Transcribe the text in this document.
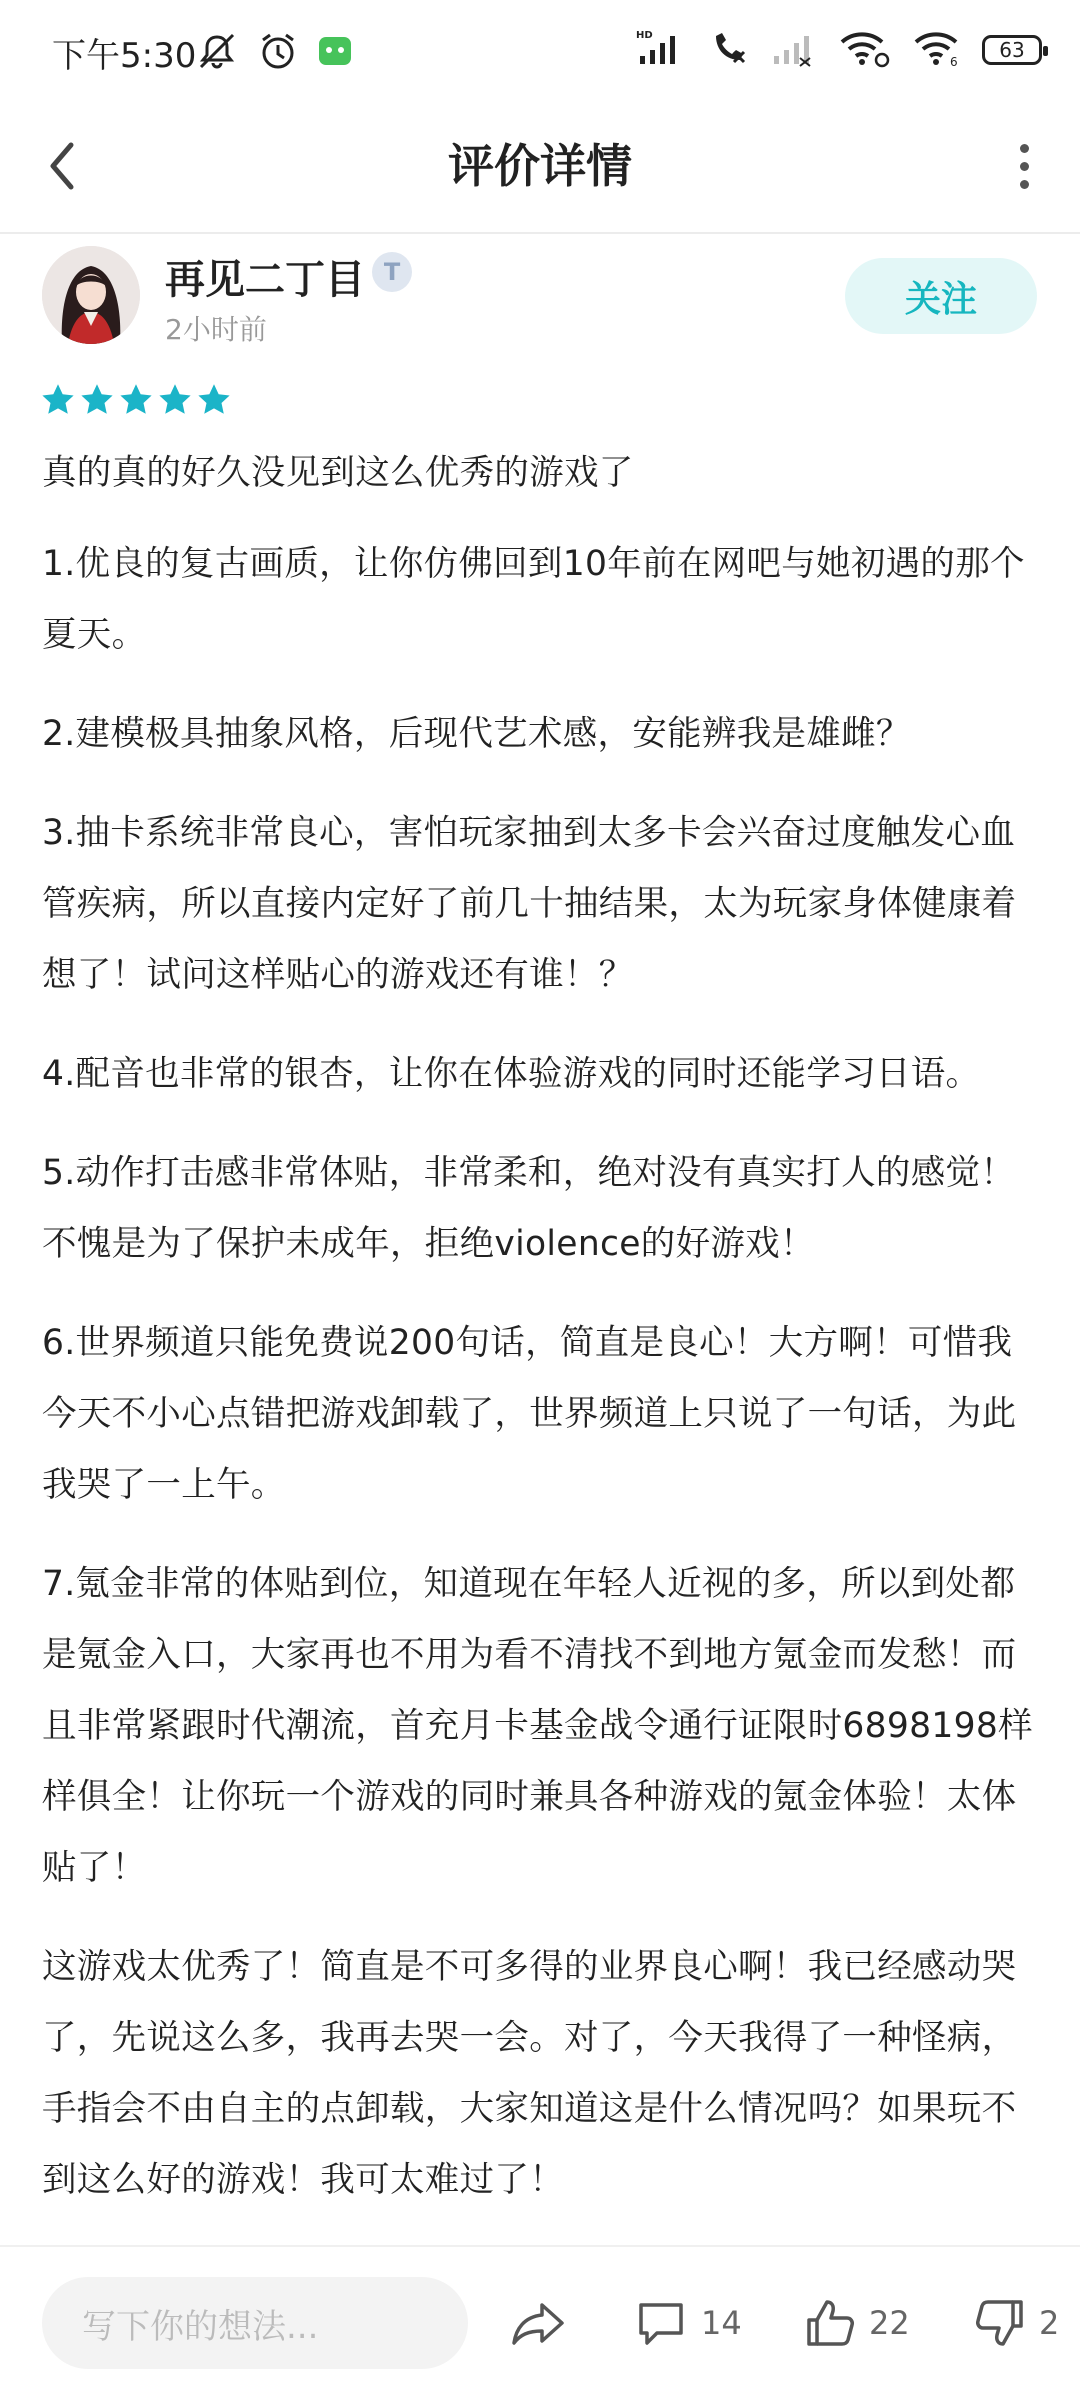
下午5:30
HD
6	63
评价详情
再见二丁目 T
2小时前
关注

真的真的好久没见到这么优秀的游戏了

1.优良的复古画质，让你仿佛回到10年前在网吧与她初遇的那个夏天。

2.建模极具抽象风格，后现代艺术感，安能辨我是雄雌？

3.抽卡系统非常良心，害怕玩家抽到太多卡会兴奋过度触发心血管疾病，所以直接内定好了前几十抽结果，太为玩家身体健康着想了！试问这样贴心的游戏还有谁！？

4.配音也非常的银杏，让你在体验游戏的同时还能学习日语。

5.动作打击感非常体贴，非常柔和，绝对没有真实打人的感觉！不愧是为了保护未成年，拒绝violence的好游戏！

6.世界频道只能免费说200句话，简直是良心！大方啊！可惜我今天不小心点错把游戏卸载了，世界频道上只说了一句话，为此我哭了一上午。

7.氪金非常的体贴到位，知道现在年轻人近视的多，所以到处都是氪金入口，大家再也不用为看不清找不到地方氪金而发愁！而且非常紧跟时代潮流，首充月卡基金战令通行证限时6898198样样俱全！让你玩一个游戏的同时兼具各种游戏的氪金体验！太体贴了！

这游戏太优秀了！简直是不可多得的业界良心啊！我已经感动哭了，先说这么多，我再去哭一会。对了，今天我得了一种怪病，手指会不由自主的点卸载，大家知道这是什么情况吗？如果玩不到这么好的游戏！我可太难过了！

写下你的想法...	14	22	2
